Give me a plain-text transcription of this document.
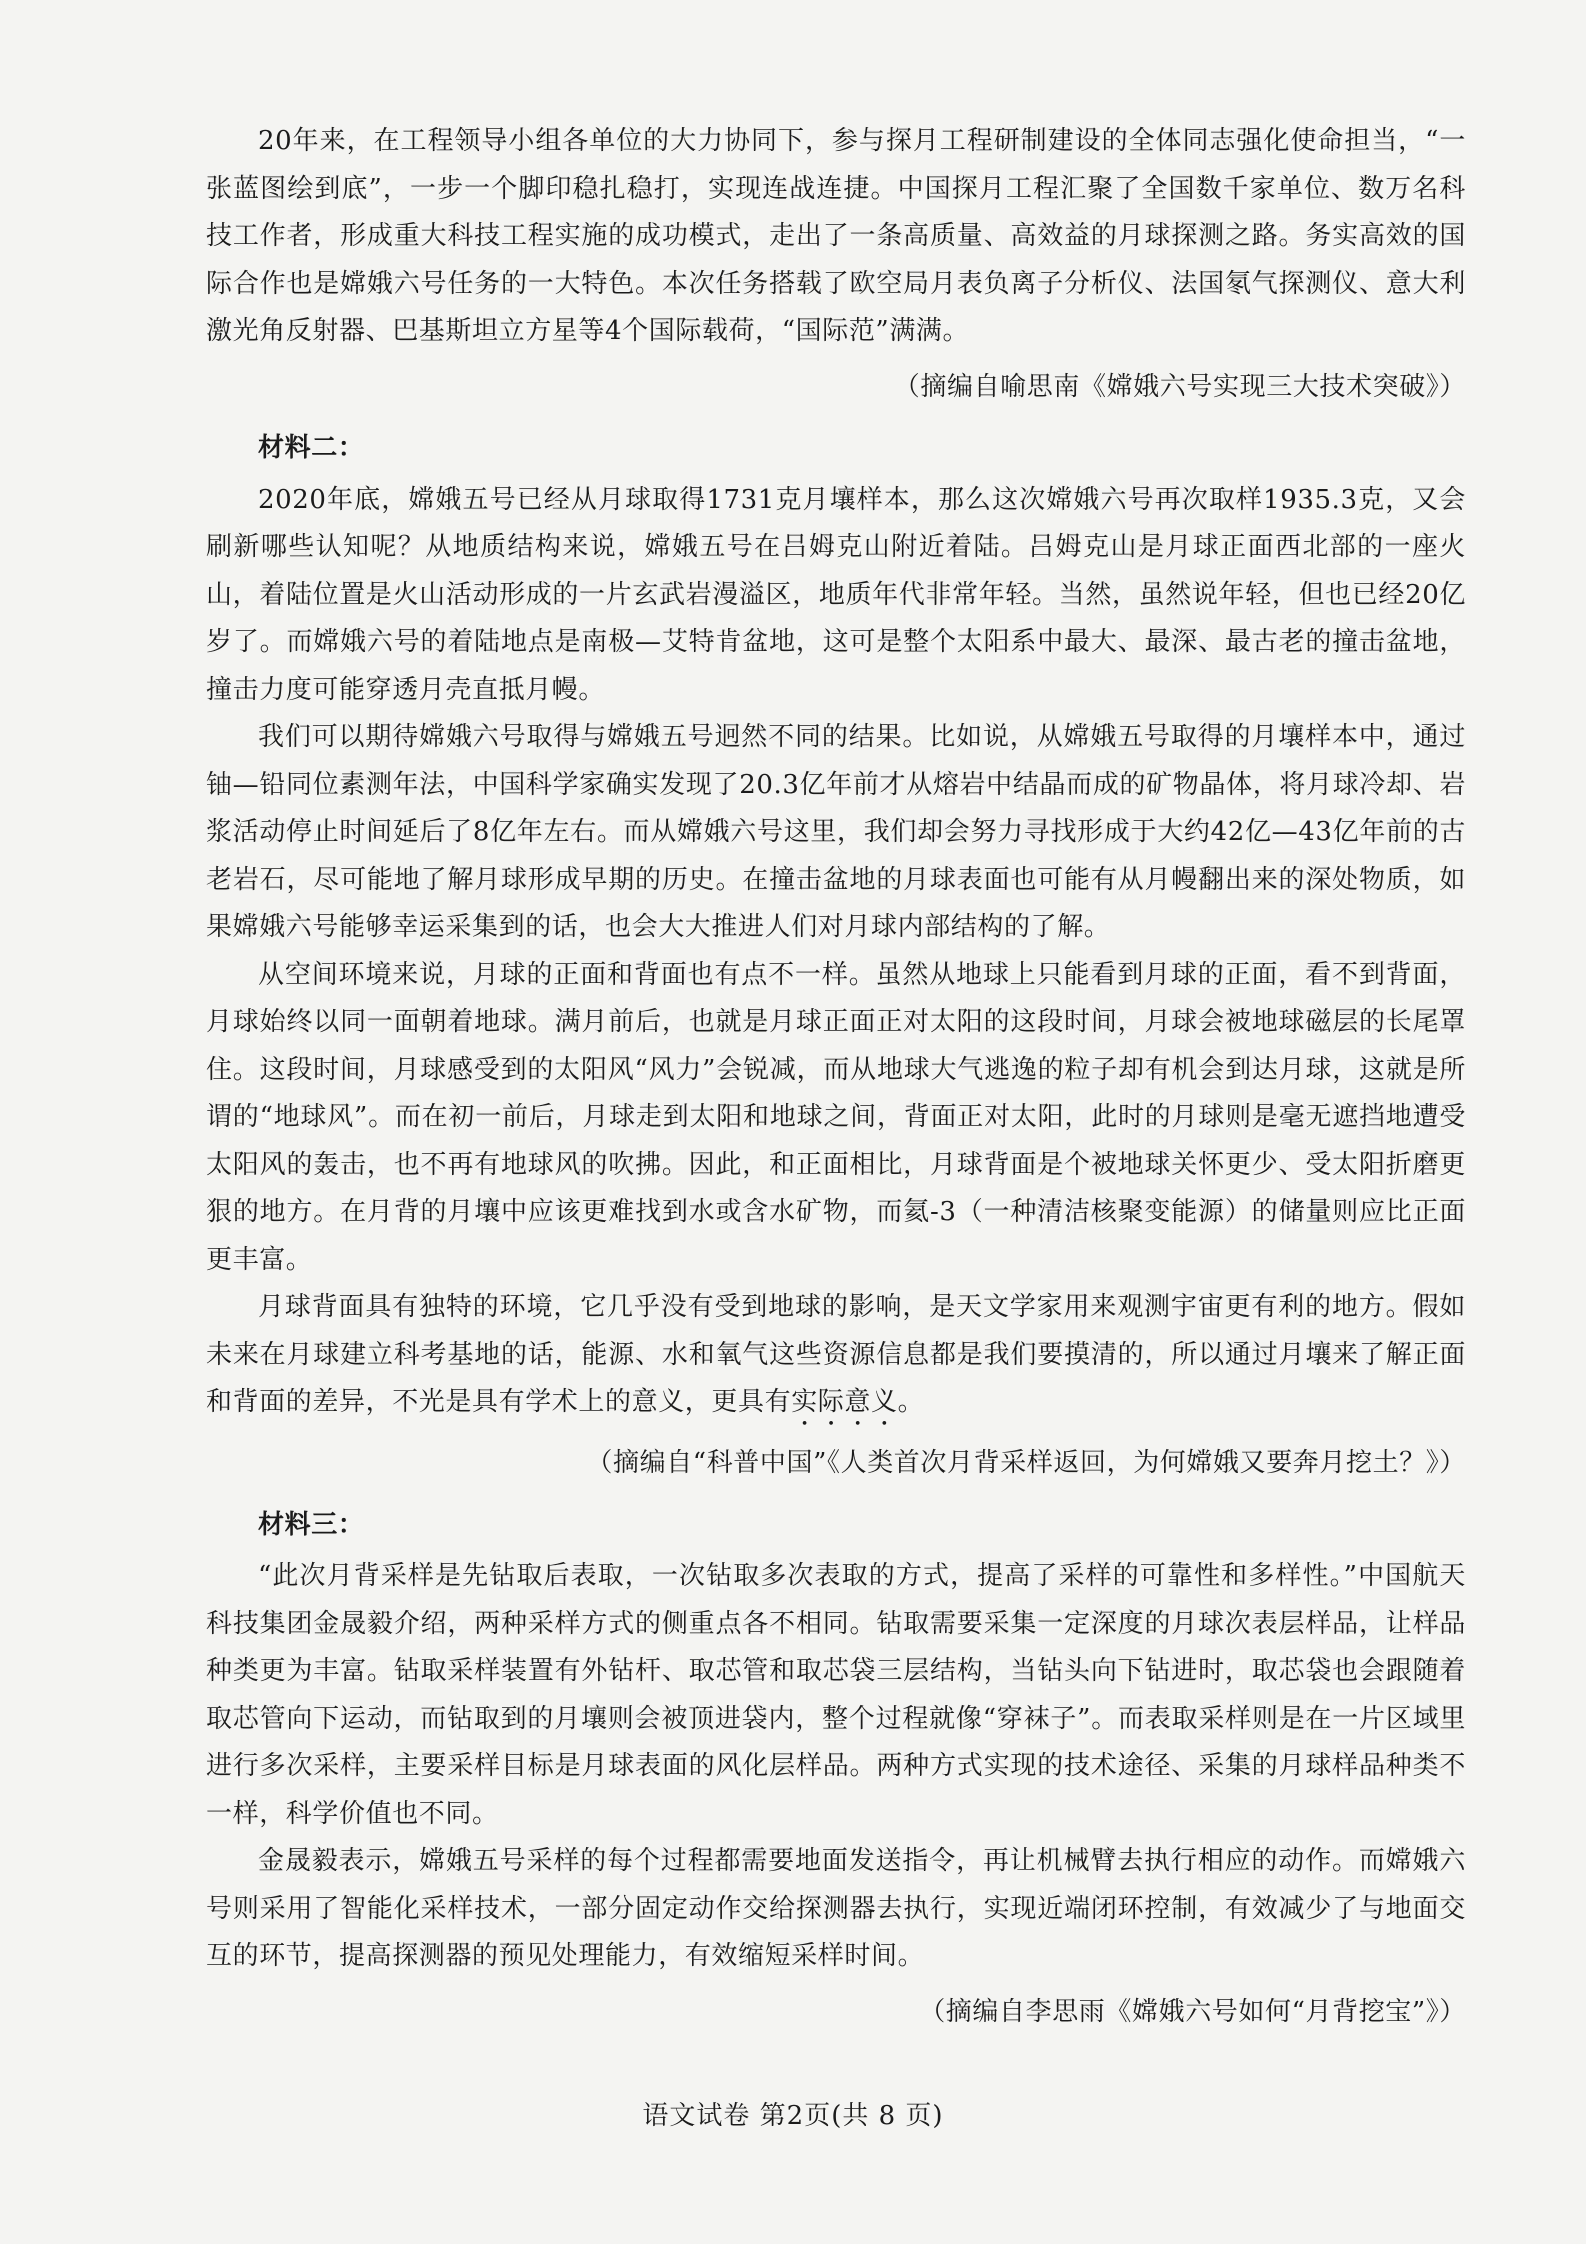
20年来，在工程领导小组各单位的大力协同下，参与探月工程研制建设的全体同志强化使命担当，“一张蓝图绘到底”，一步一个脚印稳扎稳打，实现连战连捷。中国探月工程汇聚了全国数千家单位、数万名科技工作者，形成重大科技工程实施的成功模式，走出了一条高质量、高效益的月球探测之路。务实高效的国际合作也是嫦娥六号任务的一大特色。本次任务搭载了欧空局月表负离子分析仪、法国氡气探测仪、意大利激光角反射器、巴基斯坦立方星等4个国际载荷，“国际范”满满。

（摘编自喻思南《嫦娥六号实现三大技术突破》）

材料二：

2020年底，嫦娥五号已经从月球取得1731克月壤样本，那么这次嫦娥六号再次取样1935.3克，又会刷新哪些认知呢？从地质结构来说，嫦娥五号在吕姆克山附近着陆。吕姆克山是月球正面西北部的一座火山，着陆位置是火山活动形成的一片玄武岩漫溢区，地质年代非常年轻。当然，虽然说年轻，但也已经20亿岁了。而嫦娥六号的着陆地点是南极—艾特肯盆地，这可是整个太阳系中最大、最深、最古老的撞击盆地，撞击力度可能穿透月壳直抵月幔。

我们可以期待嫦娥六号取得与嫦娥五号迥然不同的结果。比如说，从嫦娥五号取得的月壤样本中，通过铀—铅同位素测年法，中国科学家确实发现了20.3亿年前才从熔岩中结晶而成的矿物晶体，将月球冷却、岩浆活动停止时间延后了8亿年左右。而从嫦娥六号这里，我们却会努力寻找形成于大约42亿—43亿年前的古老岩石，尽可能地了解月球形成早期的历史。在撞击盆地的月球表面也可能有从月幔翻出来的深处物质，如果嫦娥六号能够幸运采集到的话，也会大大推进人们对月球内部结构的了解。

从空间环境来说，月球的正面和背面也有点不一样。虽然从地球上只能看到月球的正面，看不到背面，月球始终以同一面朝着地球。满月前后，也就是月球正面正对太阳的这段时间，月球会被地球磁层的长尾罩住。这段时间，月球感受到的太阳风“风力”会锐减，而从地球大气逃逸的粒子却有机会到达月球，这就是所谓的“地球风”。而在初一前后，月球走到太阳和地球之间，背面正对太阳，此时的月球则是毫无遮挡地遭受太阳风的轰击，也不再有地球风的吹拂。因此，和正面相比，月球背面是个被地球关怀更少、受太阳折磨更狠的地方。在月背的月壤中应该更难找到水或含水矿物，而氦-3（一种清洁核聚变能源）的储量则应比正面更丰富。

月球背面具有独特的环境，它几乎没有受到地球的影响，是天文学家用来观测宇宙更有利的地方。假如未来在月球建立科考基地的话，能源、水和氧气这些资源信息都是我们要摸清的，所以通过月壤来了解正面和背面的差异，不光是具有学术上的意义，更具有实际意义。

（摘编自“科普中国”《人类首次月背采样返回，为何嫦娥又要奔月挖土？》）

材料三：

“此次月背采样是先钻取后表取，一次钻取多次表取的方式，提高了采样的可靠性和多样性。”中国航天科技集团金晟毅介绍，两种采样方式的侧重点各不相同。钻取需要采集一定深度的月球次表层样品，让样品种类更为丰富。钻取采样装置有外钻杆、取芯管和取芯袋三层结构，当钻头向下钻进时，取芯袋也会跟随着取芯管向下运动，而钻取到的月壤则会被顶进袋内，整个过程就像“穿袜子”。而表取采样则是在一片区域里进行多次采样，主要采样目标是月球表面的风化层样品。两种方式实现的技术途径、采集的月球样品种类不一样，科学价值也不同。

金晟毅表示，嫦娥五号采样的每个过程都需要地面发送指令，再让机械臂去执行相应的动作。而嫦娥六号则采用了智能化采样技术，一部分固定动作交给探测器去执行，实现近端闭环控制，有效减少了与地面交互的环节，提高探测器的预见处理能力，有效缩短采样时间。

（摘编自李思雨《嫦娥六号如何“月背挖宝”》）

语文试卷 第2页(共 8 页)
